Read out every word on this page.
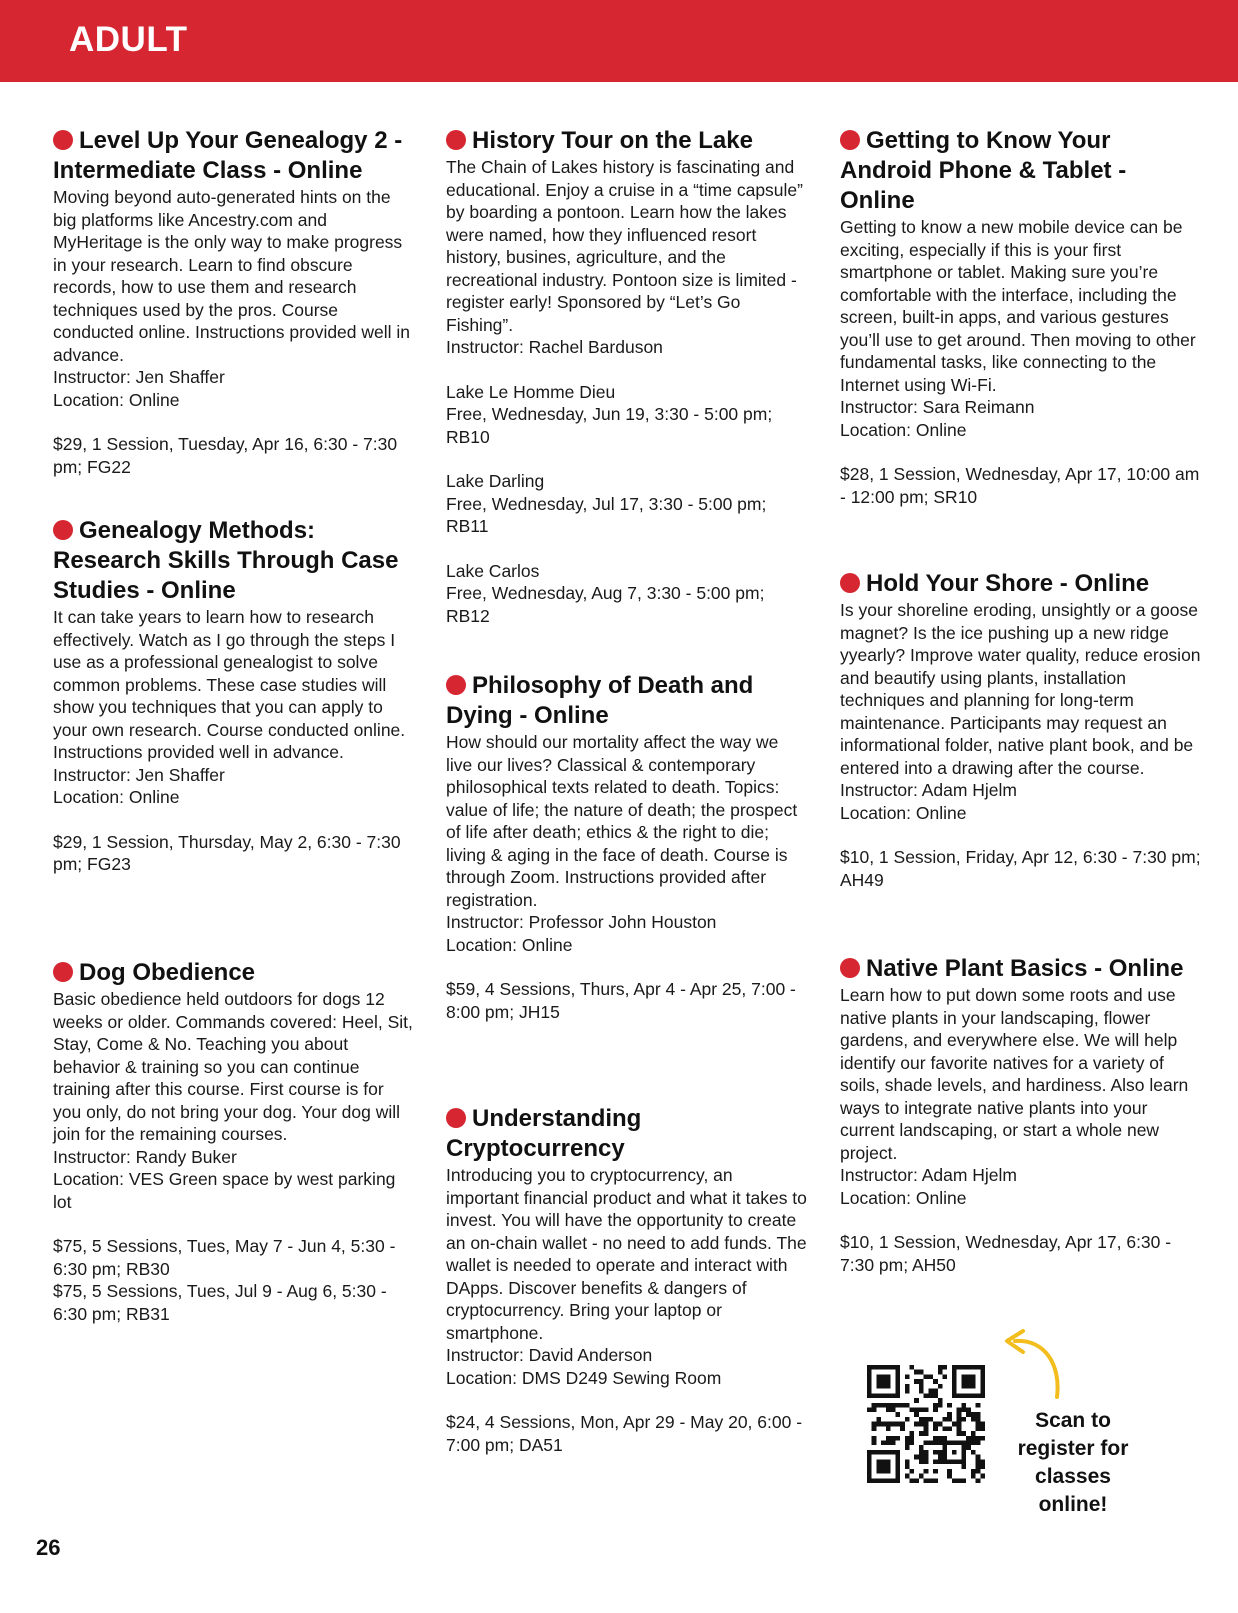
ADULT
Level Up Your Genealogy 2 - Intermediate Class - Online
Moving beyond auto-generated hints on the big platforms like Ancestry.com and MyHeritage is the only way to make progress in your research. Learn to find obscure records, how to use them and research techniques used by the pros. Course conducted online. Instructions provided well in advance.
Instructor: Jen Shaffer
Location: Online
$29, 1 Session, Tuesday, Apr 16, 6:30 - 7:30 pm; FG22
Genealogy Methods: Research Skills Through Case Studies - Online
It can take years to learn how to research effectively. Watch as I go through the steps I use as a professional genealogist to solve common problems. These case studies will show you techniques that you can apply to your own research. Course conducted online. Instructions provided well in advance.
Instructor: Jen Shaffer
Location: Online
$29, 1 Session, Thursday, May 2, 6:30 - 7:30 pm; FG23
Dog Obedience
Basic obedience held outdoors for dogs 12 weeks or older. Commands covered: Heel, Sit, Stay, Come & No. Teaching you about behavior & training so you can continue training after this course. First course is for you only, do not bring your dog. Your dog will join for the remaining courses.
Instructor: Randy Buker
Location: VES Green space by west parking lot
$75, 5 Sessions, Tues, May 7 - Jun 4, 5:30 - 6:30 pm; RB30
$75, 5 Sessions, Tues, Jul 9 - Aug 6, 5:30 - 6:30 pm; RB31
History Tour on the Lake
The Chain of Lakes history is fascinating and educational. Enjoy a cruise in a “time capsule” by boarding a pontoon. Learn how the lakes were named, how they influenced resort history, busines, agriculture, and the recreational industry. Pontoon size is limited - register early! Sponsored by “Let’s Go Fishing”.
Instructor: Rachel Barduson
Lake Le Homme Dieu
Free, Wednesday, Jun 19, 3:30 - 5:00 pm; RB10
Lake Darling
Free, Wednesday, Jul 17, 3:30 - 5:00 pm; RB11
Lake Carlos
Free, Wednesday, Aug 7, 3:30 - 5:00 pm; RB12
Philosophy of Death and Dying - Online
How should our mortality affect the way we live our lives? Classical & contemporary philosophical texts related to death. Topics: value of life; the nature of death; the prospect of life after death; ethics & the right to die; living & aging in the face of death. Course is through Zoom. Instructions provided after registration.
Instructor: Professor John Houston
Location: Online
$59, 4 Sessions, Thurs, Apr 4 - Apr 25, 7:00 - 8:00 pm; JH15
Understanding Cryptocurrency
Introducing you to cryptocurrency, an important financial product and what it takes to invest. You will have the opportunity to create an on-chain wallet - no need to add funds. The wallet is needed to operate and interact with DApps. Discover benefits & dangers of cryptocurrency. Bring your laptop or smartphone.
Instructor: David Anderson
Location: DMS D249 Sewing Room
$24, 4 Sessions, Mon, Apr 29 - May 20, 6:00 - 7:00 pm; DA51
Getting to Know Your Android Phone & Tablet - Online
Getting to know a new mobile device can be exciting, especially if this is your first smartphone or tablet. Making sure you’re comfortable with the interface, including the screen, built-in apps, and various gestures you’ll use to get around. Then moving to other fundamental tasks, like connecting to the Internet using Wi-Fi.
Instructor: Sara Reimann
Location: Online
$28, 1 Session, Wednesday, Apr 17, 10:00 am - 12:00 pm; SR10
Hold Your Shore - Online
Is your shoreline eroding, unsightly or a goose magnet? Is the ice pushing up a new ridge yyearly? Improve water quality, reduce erosion and beautify using plants, installation techniques and planning for long-term maintenance. Participants may request an informational folder, native plant book, and be entered into a drawing after the course.
Instructor: Adam Hjelm
Location: Online
$10, 1 Session, Friday, Apr 12, 6:30 - 7:30 pm; AH49
Native Plant Basics - Online
Learn how to put down some roots and use native plants in your landscaping, flower gardens, and everywhere else. We will help identify our favorite natives for a variety of soils, shade levels, and hardiness. Also learn ways to integrate native plants into your current landscaping, or start a whole new project.
Instructor: Adam Hjelm
Location: Online
$10, 1 Session, Wednesday, Apr 17, 6:30 - 7:30 pm; AH50
Scan to register for classes online!
26
